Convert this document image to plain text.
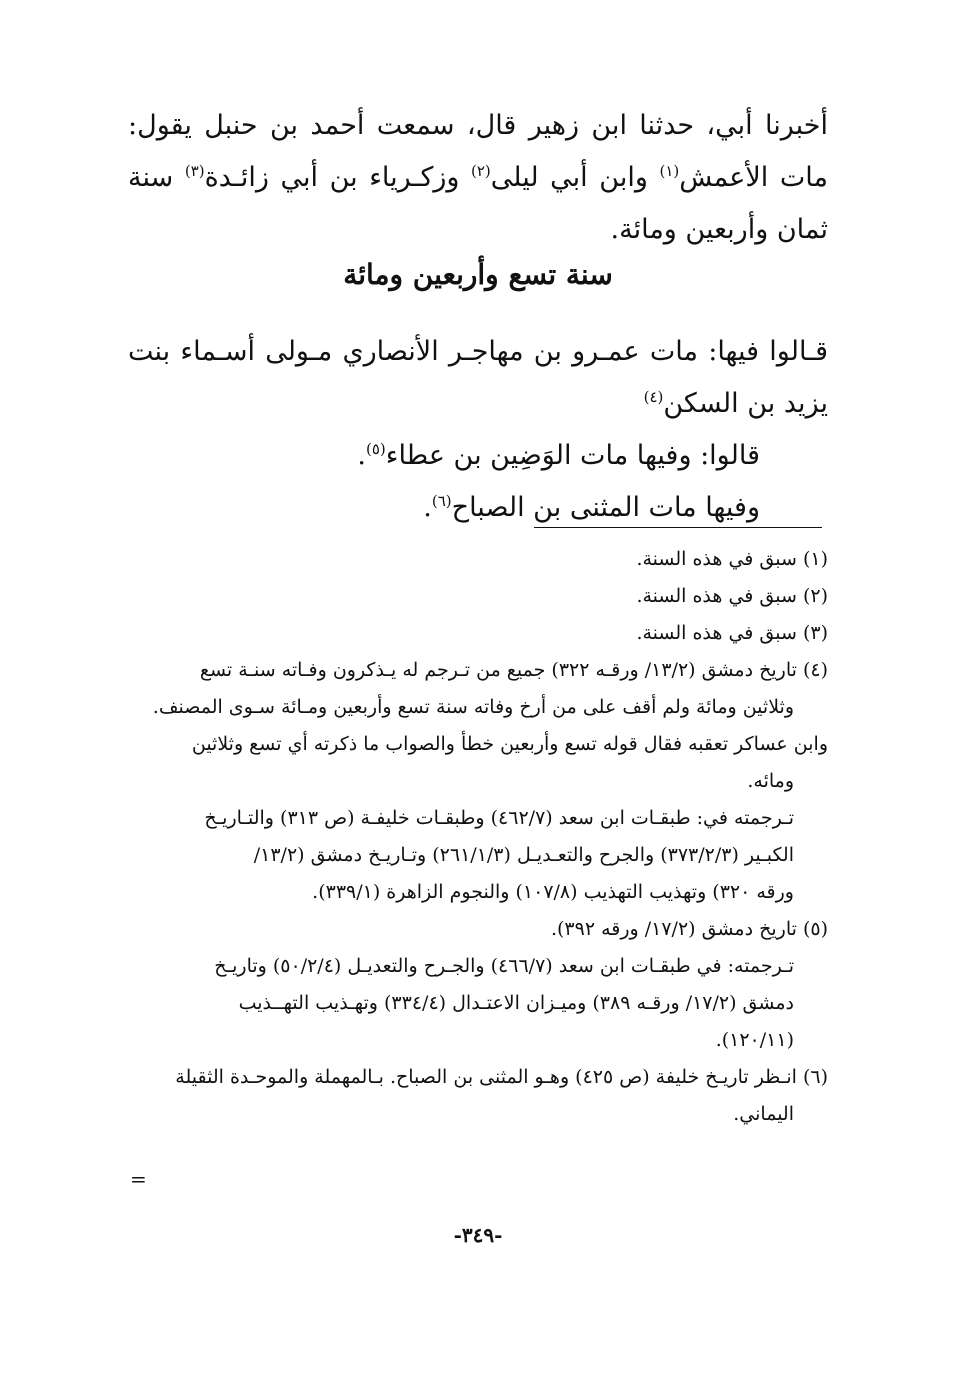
أخبرنا أبي، حدثنا ابن زهير قال، سمعت أحمد بن حنبل يقول: مات الأعمش$^{(١)}$ وابن أبي ليلى$^{(٢)}$ وزكـرياء بن أبي زائـدة$^{(٣)}$ سنة ثمان وأربعين ومائة.

سنة تسع وأربعين ومائة

قـالوا فيها: مات عمـرو بن مهاجـر الأنصاري مـولى أسـماء بنت يزيد بن السكن$^{(٤)}$

قالوا: وفيها مات الوَضِين بن عطاء$^{(٥)}$.

وفيها مات المثنى بن الصباح$^{(٦)}$.

(١) سبق في هذه السنة.

(٢) سبق في هذه السنة.

(٣) سبق في هذه السنة.

(٤) تاريخ دمشق (١٣/٢/ ورقـه ٣٢٢) جميع من تـرجم له يـذكرون وفـاته سنـة تسع
وثلاثين ومائة ولم أقف على من أرخ وفاته سنة تسع وأربعين ومـائة سـوى المصنف.
وابن عساكر تعقبه فقال قوله تسع وأربعين خطأ والصواب ما ذكرته أي تسع وثلاثين
ومائه.
تـرجمته في: طبقـات ابن سعد (٤٦٢/٧) وطبقـات خليفـة (ص ٣١٣) والتـاريـخ
الكبـير (٣٧٣/٢/٣) والجرح والتعـديـل (٢٦١/١/٣) وتـاريـخ دمشق (١٣/٢/
ورقه ٣٢٠) وتهذيب التهذيب (١٠٧/٨) والنجوم الزاهرة (٣٣٩/١).
(٥) تاريخ دمشق (١٧/٢/ ورقه ٣٩٢).
تـرجمته: في طبقـات ابن سعد (٤٦٦/٧) والجـرح والتعديـل (٥٠/٢/٤) وتاريـخ
دمشق (١٧/٢/ ورقـه ٣٨٩) وميـزان الاعتـدال (٣٣٤/٤) وتهـذيب التهــذيب
(١٢٠/١١).
(٦) انـظر تاريـخ خليفة (ص ٤٢٥) وهـو المثنى بن الصباح. بـالمهملة والموحـدة الثقيلة
اليماني.
=
-٣٤٩-
